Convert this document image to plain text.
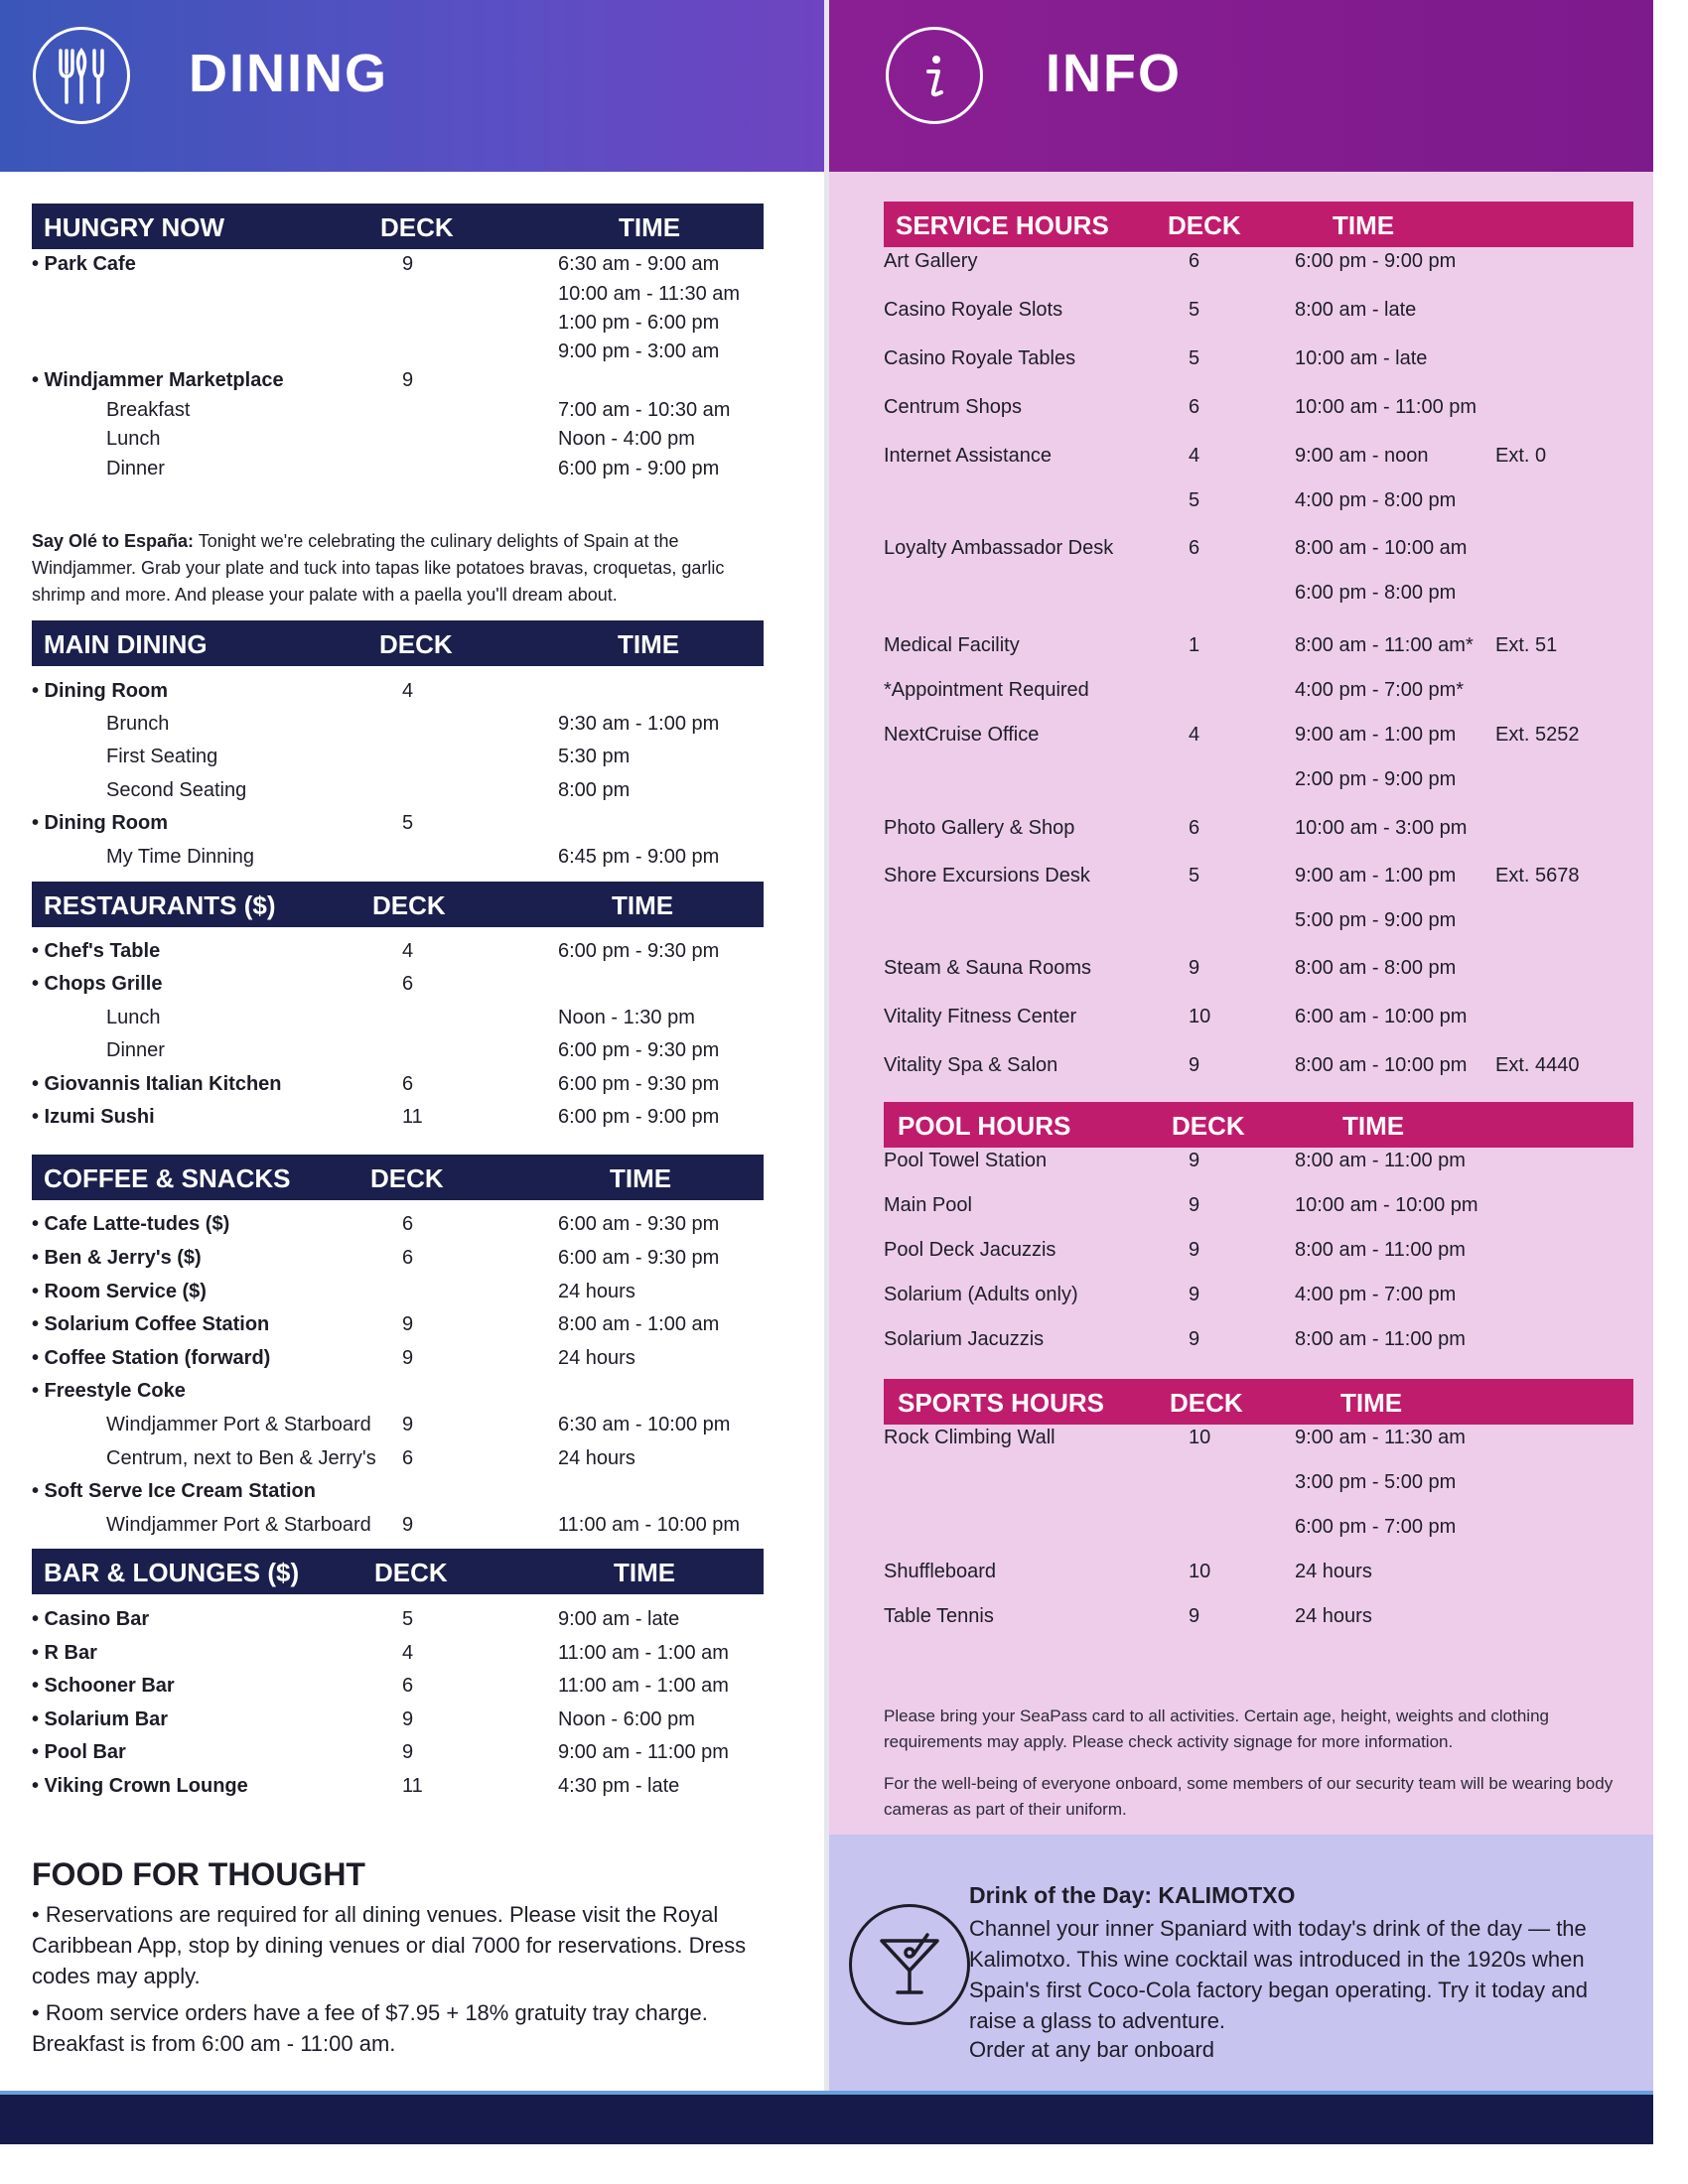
DINING	INFO
HUNGRY NOW	DECK	TIME
• Park Cafe	9	6:30 am - 9:00 am
10:00 am - 11:30 am
1:00 pm - 6:00 pm
9:00 pm - 3:00 am
• Windjammer Marketplace	9
Breakfast	7:00 am - 10:30 am
Lunch	Noon - 4:00 pm
Dinner	6:00 pm - 9:00 pm
Say Olé to España: Tonight we're celebrating the culinary delights of Spain at the Windjammer. Grab your plate and tuck into tapas like potatoes bravas, croquetas, garlic shrimp and more. And please your palate with a paella you'll dream about.
MAIN DINING	DECK	TIME
• Dining Room	4
Brunch	9:30 am - 1:00 pm
First Seating	5:30 pm
Second Seating	8:00 pm
• Dining Room	5
My Time Dinning	6:45 pm - 9:00 pm
RESTAURANTS ($)	DECK	TIME
• Chef's Table	4	6:00 pm - 9:30 pm
• Chops Grille	6
Lunch	Noon - 1:30 pm
Dinner	6:00 pm - 9:30 pm
• Giovannis Italian Kitchen	6	6:00 pm - 9:30 pm
• Izumi Sushi	11	6:00 pm - 9:00 pm
COFFEE & SNACKS	DECK	TIME
• Cafe Latte-tudes ($)	6	6:00 am - 9:30 pm
• Ben & Jerry's ($)	6	6:00 am - 9:30 pm
• Room Service ($)	24 hours
• Solarium Coffee Station	9	8:00 am - 1:00 am
• Coffee Station (forward)	9	24 hours
• Freestyle Coke
Windjammer Port & Starboard 9	6:30 am - 10:00 pm
Centrum, next to Ben & Jerry's 6	24 hours
• Soft Serve Ice Cream Station
Windjammer Port & Starboard 9	11:00 am - 10:00 pm
BAR & LOUNGES ($)	DECK	TIME
• Casino Bar	5	9:00 am - late
• R Bar	4	11:00 am - 1:00 am
• Schooner Bar	6	11:00 am - 1:00 am
• Solarium Bar	9	Noon - 6:00 pm
• Pool Bar	9	9:00 am - 11:00 pm
• Viking Crown Lounge	11	4:30 pm - late
FOOD FOR THOUGHT
• Reservations are required for all dining venues. Please visit the Royal Caribbean App, stop by dining venues or dial 7000 for reservations. Dress codes may apply.
• Room service orders have a fee of $7.95 + 18% gratuity tray charge. Breakfast is from 6:00 am - 11:00 am.
SERVICE HOURS DECK	TIME
Art Gallery	6	6:00 pm - 9:00 pm
Casino Royale Slots	5	8:00 am - late
Casino Royale Tables	5	10:00 am - late
Centrum Shops	6	10:00 am - 11:00 pm
Internet Assistance	4	9:00 am - noon	Ext. 0
5	4:00 pm - 8:00 pm
Loyalty Ambassador Desk	6	8:00 am - 10:00 am
6:00 pm - 8:00 pm
Medical Facility	1	8:00 am - 11:00 am* Ext. 51
*Appointment Required	4:00 pm - 7:00 pm*
NextCruise Office	4	9:00 am - 1:00 pm Ext. 5252
2:00 pm - 9:00 pm
Photo Gallery & Shop	6	10:00 am - 3:00 pm
Shore Excursions Desk	5	9:00 am - 1:00 pm Ext. 5678
5:00 pm - 9:00 pm
Steam & Sauna Rooms	9	8:00 am - 8:00 pm
Vitality Fitness Center	10	6:00 am - 10:00 pm
Vitality Spa & Salon	9	8:00 am - 10:00 pm Ext. 4440
POOL HOURS	DECK	TIME
Pool Towel Station	9	8:00 am - 11:00 pm
Main Pool	9	10:00 am - 10:00 pm
Pool Deck Jacuzzis	9	8:00 am - 11:00 pm
Solarium (Adults only)	9	4:00 pm - 7:00 pm
Solarium Jacuzzis	9	8:00 am - 11:00 pm
SPORTS HOURS	DECK	TIME
Rock Climbing Wall	10	9:00 am - 11:30 am
3:00 pm - 5:00 pm
6:00 pm - 7:00 pm
Shuffleboard	10	24 hours
Table Tennis	9	24 hours
Please bring your SeaPass card to all activities. Certain age, height, weights and clothing requirements may apply. Please check activity signage for more information.
For the well-being of everyone onboard, some members of our security team will be wearing body cameras as part of their uniform.
Drink of the Day: KALIMOTXO
Channel your inner Spaniard with today's drink of the day — the Kalimotxo. This wine cocktail was introduced in the 1920s when Spain's first Coco-Cola factory began operating. Try it today and raise a glass to adventure.
Order at any bar onboard
